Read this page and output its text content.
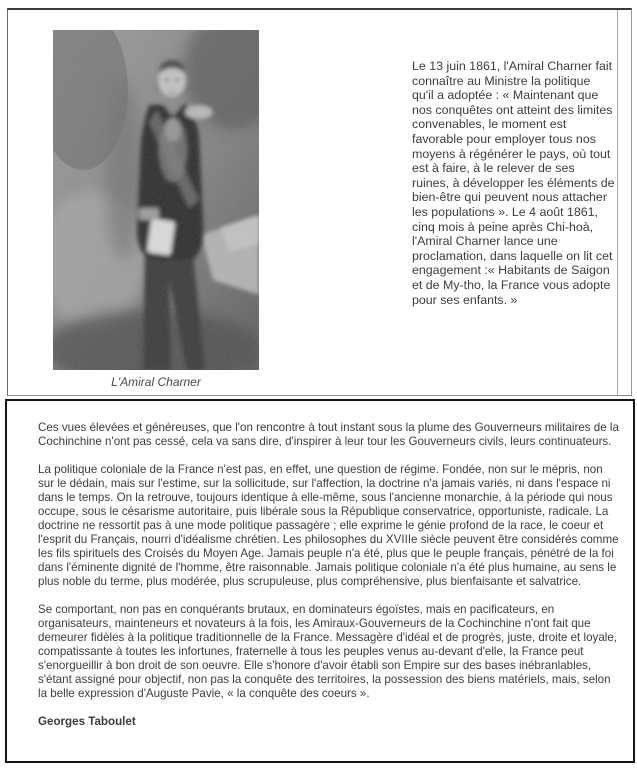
L'Amiral Charner
Le 13 juin 1861, l'Amiral Charner fait connaître au Ministre la politique qu'il a adoptée : « Maintenant que nos conquêtes ont atteint des limites convenables, le moment est favorable pour employer tous nos moyens à régénérer le pays, où tout est à faire, à le relever de ses ruines, à développer les éléments de bien-être qui peuvent nous attacher les populations ». Le 4 août 1861, cinq mois à peine après Chi-hoà, l'Amiral Charner lance une proclamation, dans laquelle on lit cet engagement :« Habitants de Saigon et de My-tho, la France vous adopte pour ses enfants. »

Ces vues élevées et généreuses, que l'on rencontre à tout instant sous la plume des Gouverneurs militaires de la Cochinchine n'ont pas cessé, cela va sans dire, d'inspirer à leur tour les Gouverneurs civils, leurs continuateurs.

La politique coloniale de la France n'est pas, en effet, une question de régime. Fondée, non sur le mépris, non sur le dédain, mais sur l'estime, sur la sollicitude, sur l'affection, la doctrine n'a jamais variés, ni dans l'espace ni dans le temps. On la retrouve, toujours identique à elle-même, sous l'ancienne monarchie, à la période qui nous occupe, sous le césarisme autoritaire, puis libérale sous la République conservatrice, opportuniste, radicale. La doctrine ne ressortit pas à une mode politique passagère ; elle exprime le génie profond de la race, le coeur et l'esprit du Français, nourri d'idéalisme chrétien. Les philosophes du XVIIIe siècle peuvent être considérés comme les fils spirituels des Croisés du Moyen Age. Jamais peuple n'a été, plus que le peuple français, pénétré de la foi dans l'éminente dignité de l'homme, être raisonnable. Jamais politique coloniale n'a été plus humaine, au sens le plus noble du terme, plus modérée, plus scrupuleuse, plus compréhensive, plus bienfaisante et salvatrice.

Se comportant, non pas en conquérants brutaux, en dominateurs égoïstes, mais en pacificateurs, en organisateurs, mainteneurs et novateurs à la fois, les Amiraux-Gouverneurs de la Cochinchine n'ont fait que demeurer fidèles à la politique traditionnelle de la France. Messagère d'idéal et de progrès, juste, droite et loyale, compatissante à toutes les infortunes, fraternelle à tous les peuples venus au-devant d'elle, la France peut s'enorgueillir à bon droit de son oeuvre. Elle s'honore d'avoir établi son Empire sur des bases inébranlables, s'étant assigné pour objectif, non pas la conquête des territoires, la possession des biens matériels, mais, selon la belle expression d'Auguste Pavie, « la conquête des coeurs ».

Georges Taboulet
